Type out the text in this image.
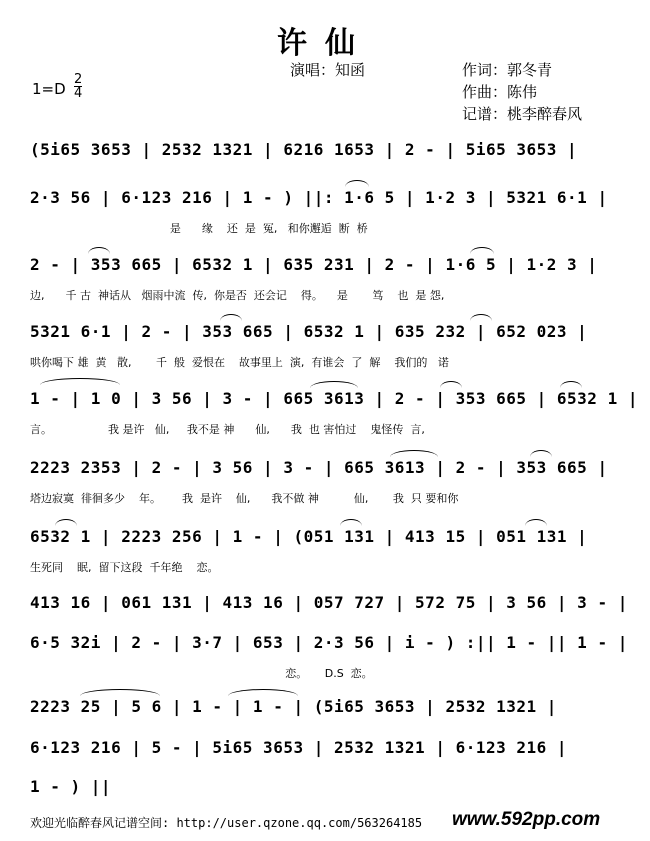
许仙
演唱：知函	作词：郭冬青
作曲：陈伟
记谱：桃李醉春风
$1=D \frac{2}{4}$
(5i65 3653 | 2532 1321 | 6216 1653 | 2 - | 5i65 3653 |
2·3 56 | 6·123 216 | 1 - ) ||: 1·6 5 | 1·2 3 | 5321 6·1 |
是      缘    还  是  冤,   和你邂逅  断  桥
2 - | 353 665 | 6532 1 | 635 231 | 2 - | 1·6 5 | 1·2 3 |
边,      千 古  神话从   烟雨中流  传,  你是否  还会记    得。    是       笃    也  是 怨,
5321 6·1 | 2 - | 353 665 | 6532 1 | 635 232 | 652 023 |
哄你喝下 雄  黄   散,       千  般  爱恨在    故事里上  演,  有谁会  了  解    我们的   诺
1 - | 1 0 | 3 56 | 3 - | 665 3613 | 2 - | 353 665 | 6532 1 |
言。                我 是许   仙,     我不是 神      仙,      我  也 害怕过    鬼怪传  言,
2223 2353 | 2 - | 3 56 | 3 - | 665 3613 | 2 - | 353 665 |
塔边寂寞  徘徊多少    年。      我  是许    仙,      我不做 神          仙,       我  只 要和你
6532 1 | 2223 256 | 1 - | (051 131 | 413 15 | 051 131 |
生死同    眠,  留下这段  千年绝    恋。
413 16 | 061 131 | 413 16 | 057 727 | 572 75 | 3 56 | 3 - |
6·5 32i | 2 - | 3·7 | 653 | 2·3 56 | i - ) :|| 1 - || 1 - |
恋。     D.S  恋。
2223 25 | 5 6 | 1 - | 1 - | (5i65 3653 | 2532 1321 |
6·123 216 | 5 - | 5i65 3653 | 2532 1321 | 6·123 216 |
1 - ) ||
欢迎光临醉春风记谱空间: http://user.qzone.qq.com/563264185 www.592pp.com
